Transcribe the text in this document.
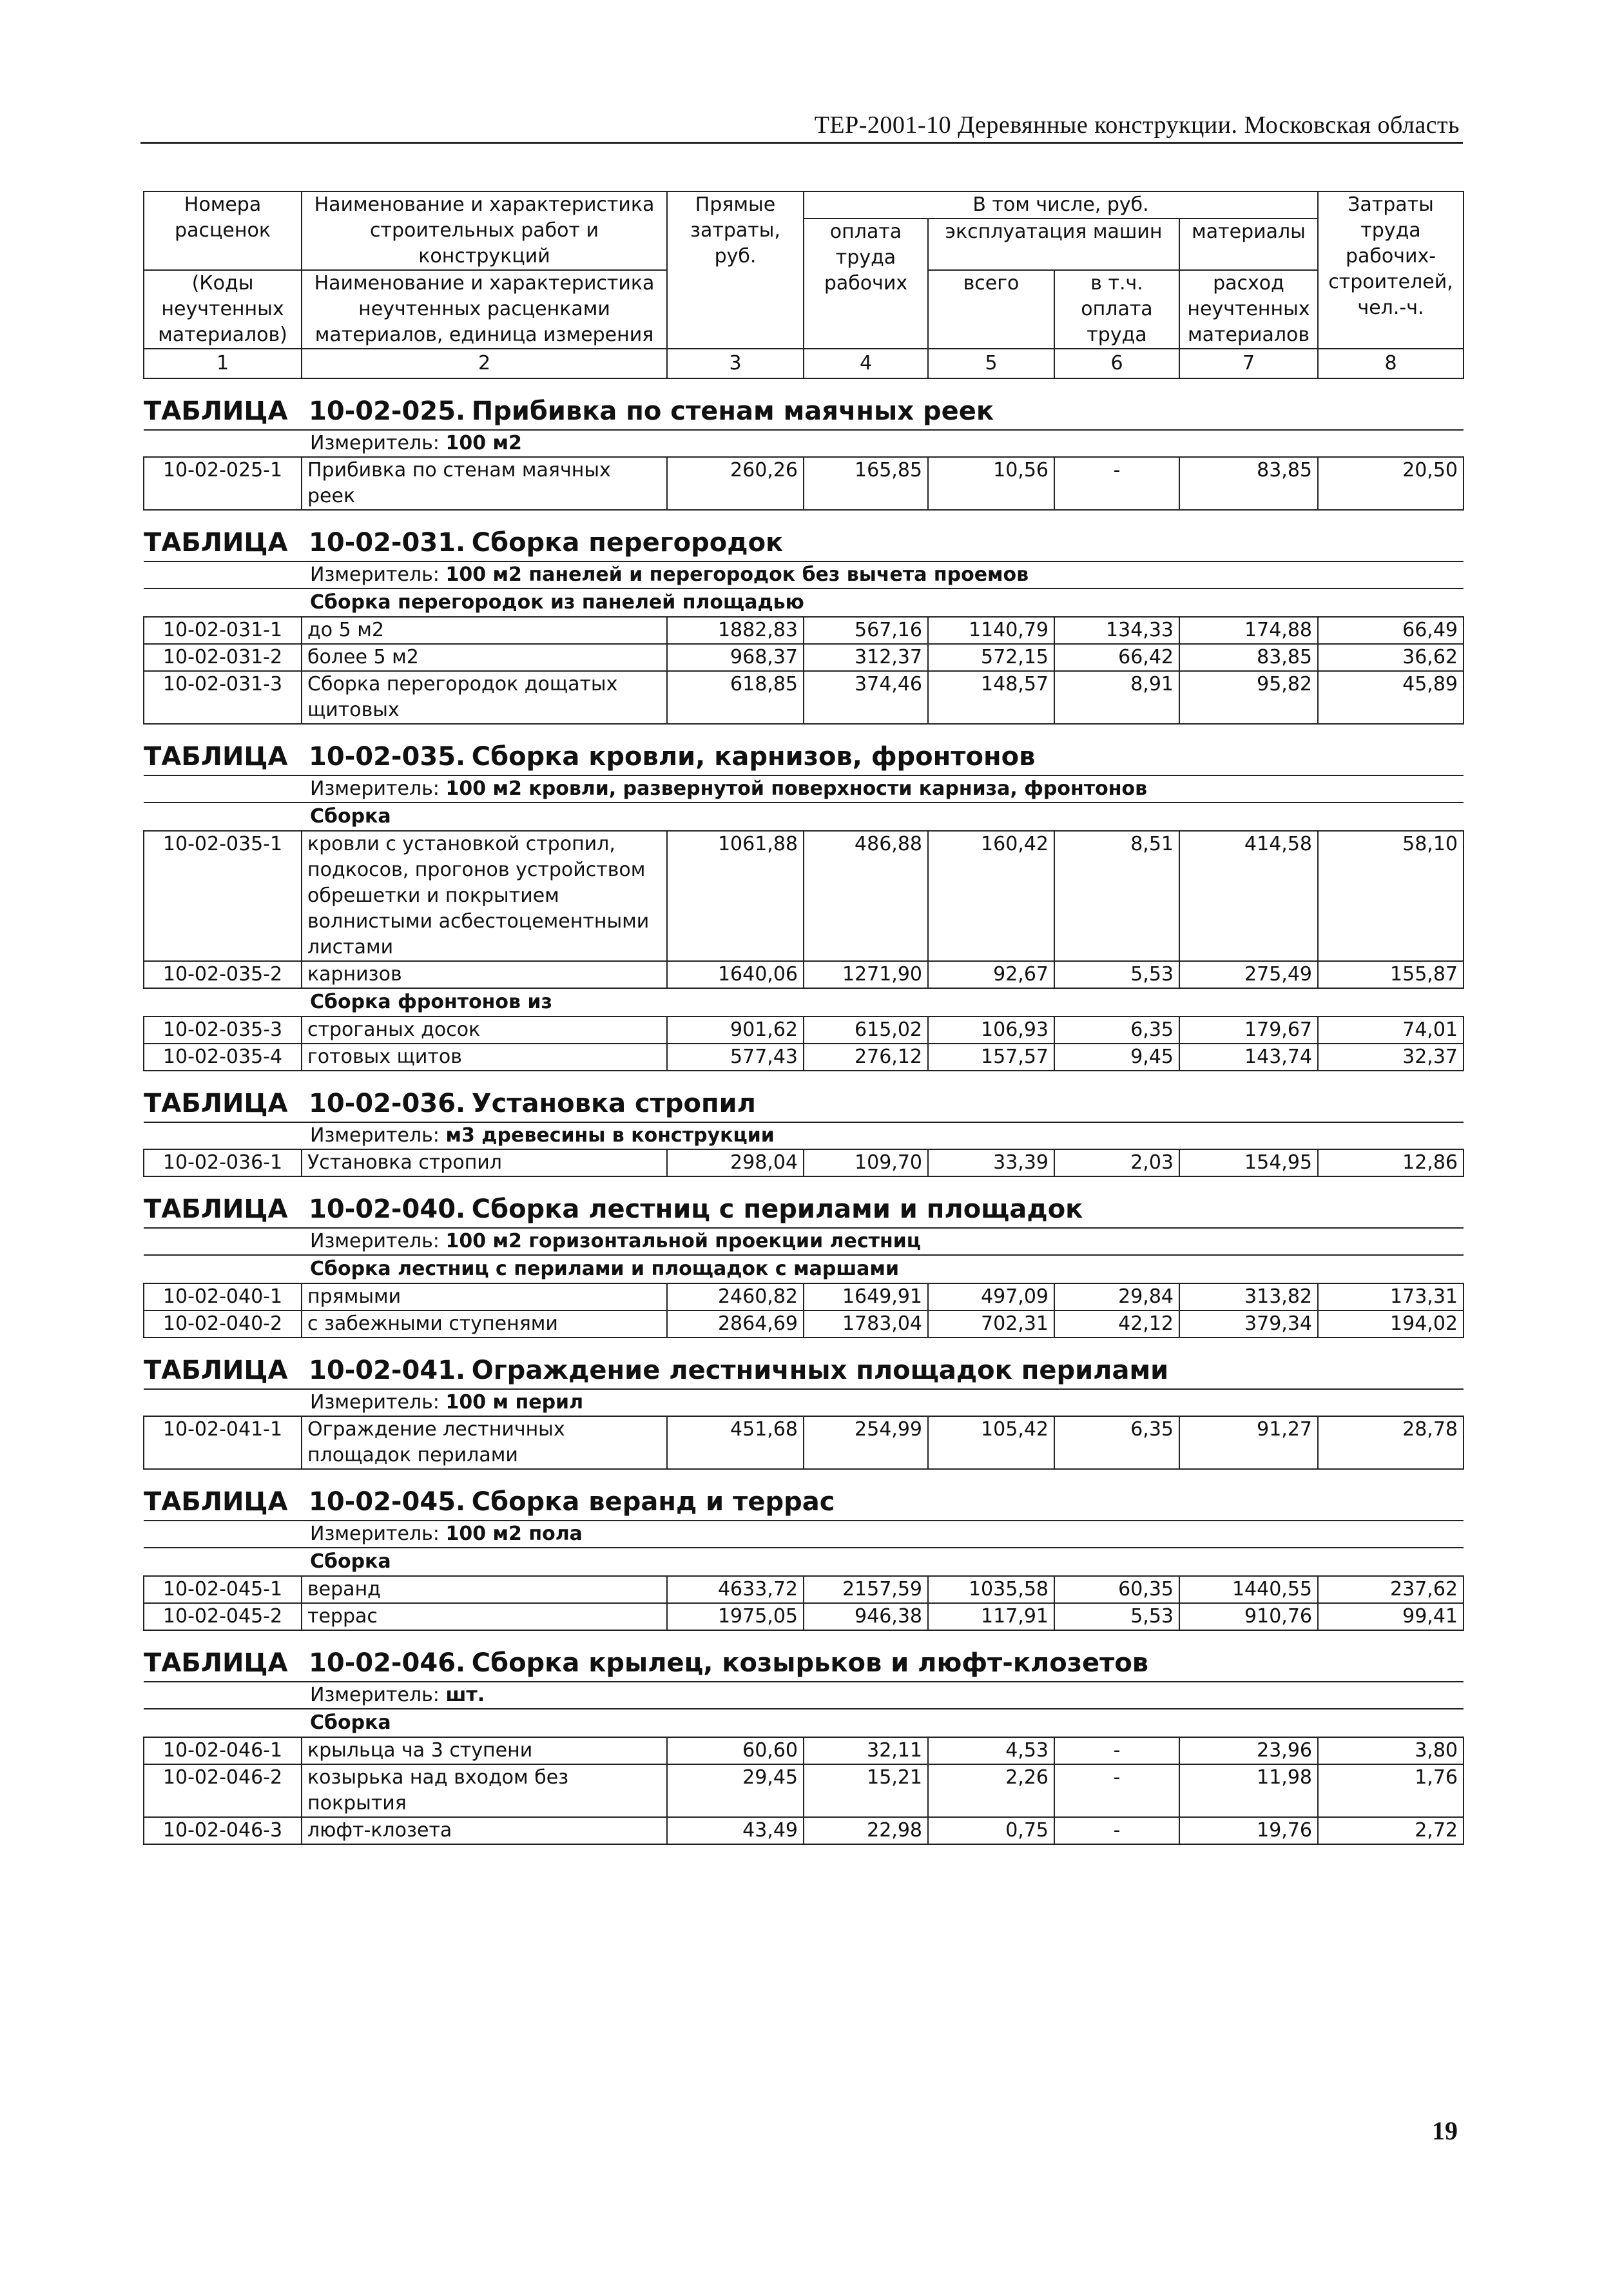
ТЕР-2001-10 Деревянные конструкции. Московская область
Номера расценок	Наименование и характеристика строительных работ и конструкций	Прямые затраты, руб.	В том числе, руб.				Затраты труда рабочих-строителей, чел.-ч.
			оплата труда рабочих	эксплуатация машин		материалы	
(Коды неучтенных материалов)	Наименование и характеристика неучтенных расценками материалов, единица измерения			всего	в т.ч. оплата труда	расход неучтенных материалов	

1	2	3	4	5	6	7	8
ТАБЛИЦА 10-02-025. Прибивка по стенам маячных реек							

Измеритель: 100 м2							

10-02-025-1	Прибивка по стенам маячных реек	260,26	165,85	10,56	-	83,85	20,50
ТАБЛИЦА 10-02-031. Сборка перегородок							

Измеритель: 100 м2 панелей и перегородок без вычета проемов							

Сборка перегородок из панелей площадью							

10-02-031-1	до 5 м2	1882,83	567,16	1140,79	134,33	174,88	66,49
10-02-031-2	более 5 м2	968,37	312,37	572,15	66,42	83,85	36,62
10-02-031-3	Сборка перегородок дощатых щитовых	618,85	374,46	148,57	8,91	95,82	45,89
ТАБЛИЦА 10-02-035. Сборка кровли, карнизов, фронтонов							

Измеритель: 100 м2 кровли, развернутой поверхности карниза, фронтонов							

Сборка							

10-02-035-1	кровли с установкой стропил, подкосов, прогонов устройством обрешетки и покрытием волнистыми асбестоцементными листами	1061,88	486,88	160,42	8,51	414,58	58,10
10-02-035-2	карнизов	1640,06	1271,90	92,67	5,53	275,49	155,87

Сборка фронтонов из							

10-02-035-3	строганых досок	901,62	615,02	106,93	6,35	179,67	74,01
10-02-035-4	готовых щитов	577,43	276,12	157,57	9,45	143,74	32,37
ТАБЛИЦА 10-02-036. Установка стропил							

Измеритель: м3 древесины в конструкции							

10-02-036-1	Установка стропил	298,04	109,70	33,39	2,03	154,95	12,86
ТАБЛИЦА 10-02-040. Сборка лестниц с перилами и площадок							

Измеритель: 100 м2 горизонтальной проекции лестниц							

Сборка лестниц с перилами и площадок с маршами							

10-02-040-1	прямыми	2460,82	1649,91	497,09	29,84	313,82	173,31
10-02-040-2	с забежными ступенями	2864,69	1783,04	702,31	42,12	379,34	194,02
ТАБЛИЦА 10-02-041. Ограждение лестничных площадок перилами							

Измеритель: 100 м перил							

10-02-041-1	Ограждение лестничных площадок перилами	451,68	254,99	105,42	6,35	91,27	28,78
ТАБЛИЦА 10-02-045. Сборка веранд и террас							

Измеритель: 100 м2 пола							

Сборка							

10-02-045-1	веранд	4633,72	2157,59	1035,58	60,35	1440,55	237,62
10-02-045-2	террас	1975,05	946,38	117,91	5,53	910,76	99,41
ТАБЛИЦА 10-02-046. Сборка крылец, козырьков и люфт-клозетов							

Измеритель: шт.							

Сборка							

10-02-046-1	крыльца ча 3 ступени	60,60	32,11	4,53	-	23,96	3,80
10-02-046-2	козырька над входом без покрытия	29,45	15,21	2,26	-	11,98	1,76
10-02-046-3	люфт-клозета	43,49	22,98	0,75	-	19,76	2,72
19
